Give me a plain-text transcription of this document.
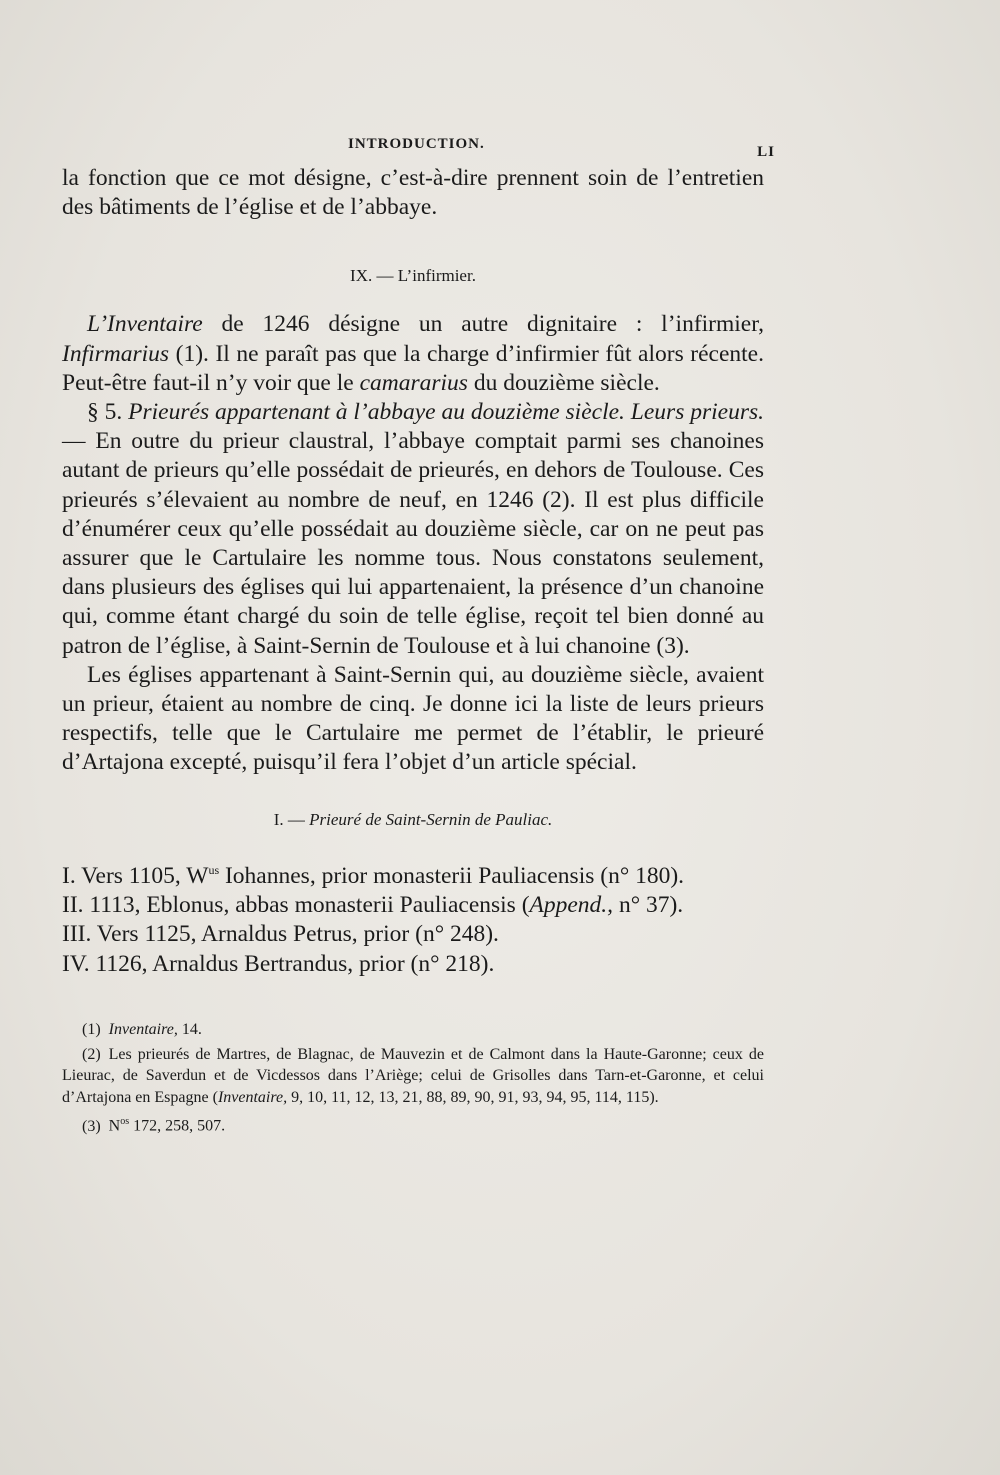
INTRODUCTION.	LI

la fonction que ce mot désigne, c’est-à-dire prennent soin de l’entretien des bâtiments de l’église et de l’abbaye.

IX. — L’infirmier.

L’Inventaire de 1246 désigne un autre dignitaire : l’infirmier, Infirmarius (1). Il ne paraît pas que la charge d’infirmier fût alors récente. Peut-être faut-il n’y voir que le camararius du douzième siècle.

§ 5. Prieurés appartenant à l’abbaye au douzième siècle. Leurs prieurs. — En outre du prieur claustral, l’abbaye comptait parmi ses chanoines autant de prieurs qu’elle possédait de prieurés, en dehors de Toulouse. Ces prieurés s’élevaient au nombre de neuf, en 1246 (2). Il est plus difficile d’énumérer ceux qu’elle possédait au douzième siècle, car on ne peut pas assurer que le Cartulaire les nomme tous. Nous constatons seulement, dans plusieurs des églises qui lui appartenaient, la présence d’un chanoine qui, comme étant chargé du soin de telle église, reçoit tel bien donné au patron de l’église, à Saint-Sernin de Toulouse et à lui chanoine (3).

Les églises appartenant à Saint-Sernin qui, au douzième siècle, avaient un prieur, étaient au nombre de cinq. Je donne ici la liste de leurs prieurs respectifs, telle que le Cartulaire me permet de l’établir, le prieuré d’Artajona excepté, puisqu’il fera l’objet d’un article spécial.

I. — Prieuré de Saint-Sernin de Pauliac.

I. Vers 1105, $W^{us}$ Iohannes, prior monasterii Pauliacensis (n° 180).
II. 1113, Eblonus, abbas monasterii Pauliacensis (Append., n° 37).
III. Vers 1125, Arnaldus Petrus, prior (n° 248).
IV. 1126, Arnaldus Bertrandus, prior (n° 218).

(1) Inventaire, 14.

(2) Les prieurés de Martres, de Blagnac, de Mauvezin et de Calmont dans la Haute-Garonne; ceux de Lieurac, de Saverdun et de Vicdessos dans l’Ariège; celui de Grisolles dans Tarn-et-Garonne, et celui d’Artajona en Espagne (Inventaire, 9, 10, 11, 12, 13, 21, 88, 89, 90, 91, 93, 94, 95, 114, 115).

(3) $N^{os}$ 172, 258, 507.
